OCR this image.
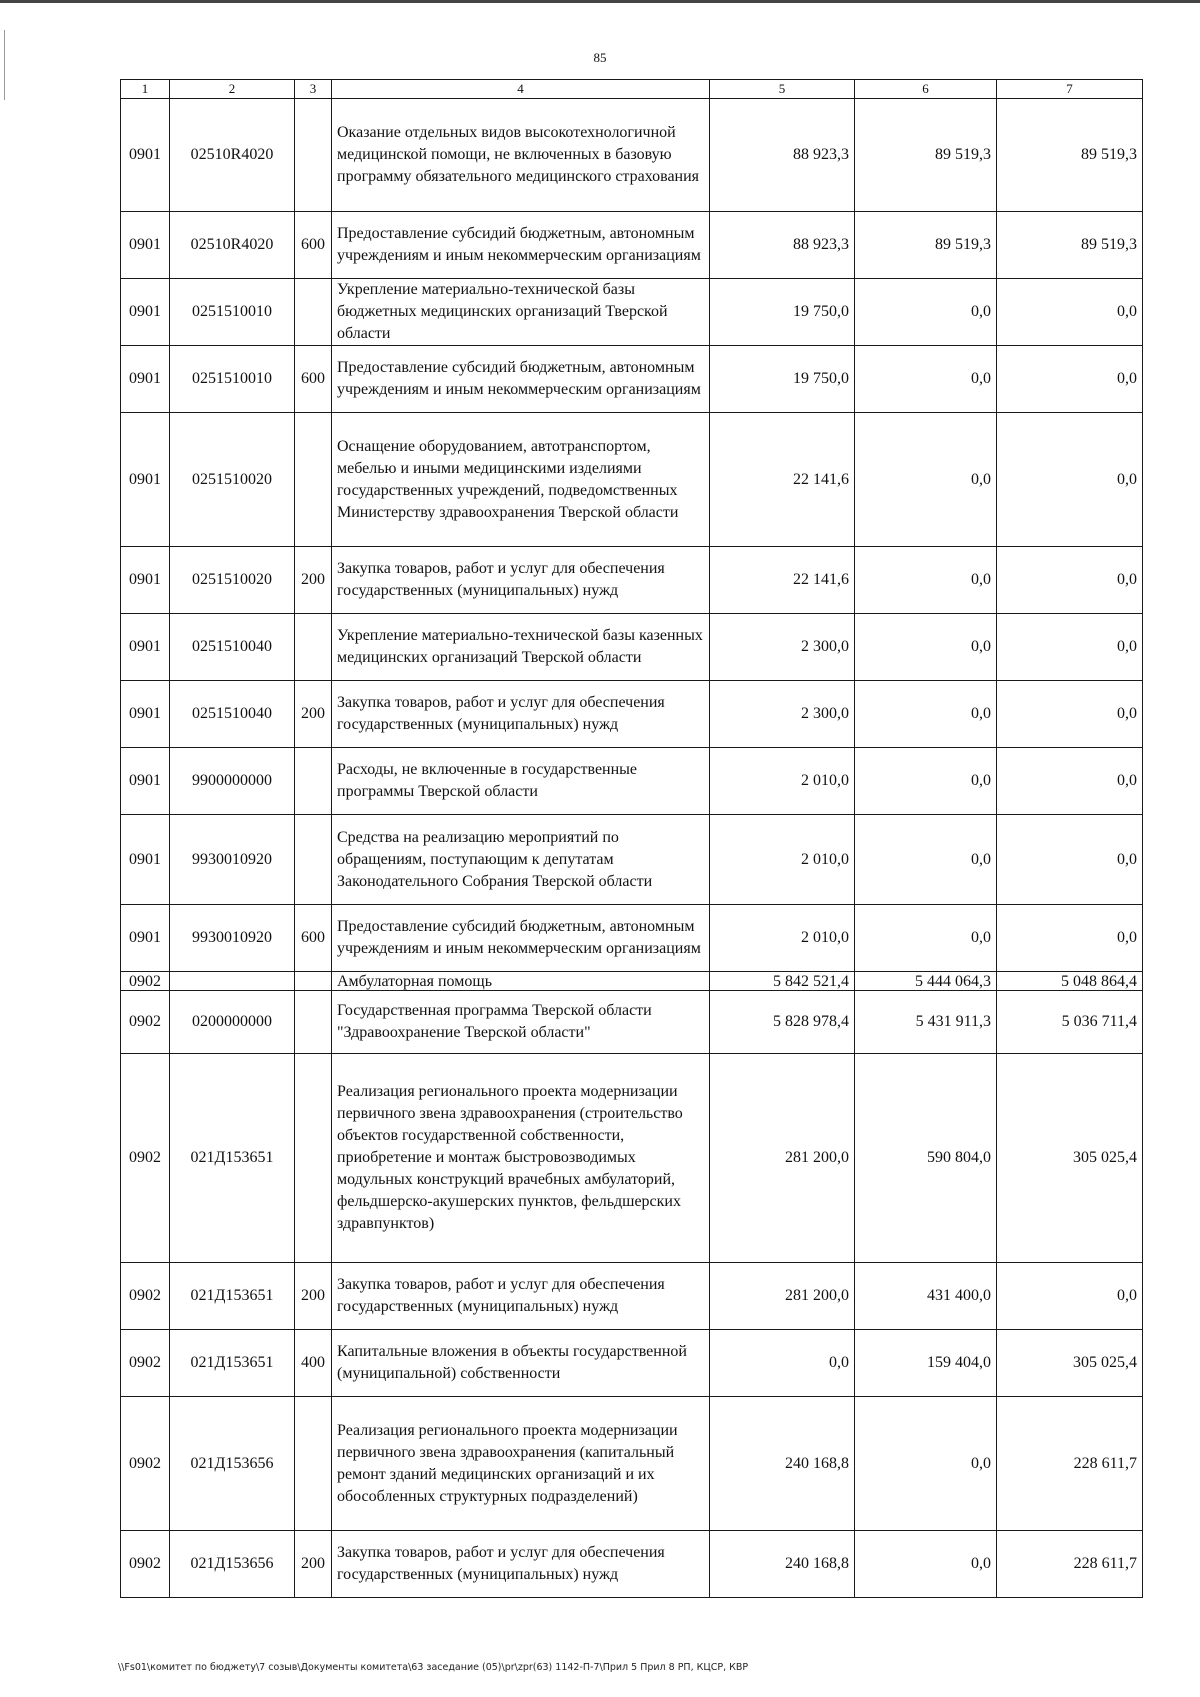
85
1	2	3	4	5	6	7
0901	02510R4020		Оказание отдельных видов высокотехнологичной медицинской помощи, не включенных в базовую программу обязательного медицинского страхования	88 923,3	89 519,3	89 519,3
0901	02510R4020	600	Предоставление субсидий бюджетным, автономным учреждениям и иным некоммерческим организациям	88 923,3	89 519,3	89 519,3
0901	0251510010		Укрепление материально-технической базы бюджетных медицинских организаций Тверской области	19 750,0	0,0	0,0
0901	0251510010	600	Предоставление субсидий бюджетным, автономным учреждениям и иным некоммерческим организациям	19 750,0	0,0	0,0
0901	0251510020		Оснащение оборудованием, автотранспортом, мебелью и иными медицинскими изделиями государственных учреждений, подведомственных Министерству здравоохранения Тверской области	22 141,6	0,0	0,0
0901	0251510020	200	Закупка товаров, работ и услуг для обеспечения государственных (муниципальных) нужд	22 141,6	0,0	0,0
0901	0251510040		Укрепление материально-технической базы казенных медицинских организаций Тверской области	2 300,0	0,0	0,0
0901	0251510040	200	Закупка товаров, работ и услуг для обеспечения государственных (муниципальных) нужд	2 300,0	0,0	0,0
0901	9900000000		Расходы, не включенные в государственные программы Тверской области	2 010,0	0,0	0,0
0901	9930010920		Средства на реализацию мероприятий по обращениям, поступающим к депутатам Законодательного Собрания Тверской области	2 010,0	0,0	0,0
0901	9930010920	600	Предоставление субсидий бюджетным, автономным учреждениям и иным некоммерческим организациям	2 010,0	0,0	0,0
0902			Амбулаторная помощь	5 842 521,4	5 444 064,3	5 048 864,4
0902	0200000000		Государственная программа Тверской области "Здравоохранение Тверской области"	5 828 978,4	5 431 911,3	5 036 711,4
0902	021Д153651		Реализация регионального проекта модернизации первичного звена здравоохранения (строительство объектов государственной собственности, приобретение и монтаж быстровозводимых модульных конструкций врачебных амбулаторий, фельдшерско-акушерских пунктов, фельдшерских здравпунктов)	281 200,0	590 804,0	305 025,4
0902	021Д153651	200	Закупка товаров, работ и услуг для обеспечения государственных (муниципальных) нужд	281 200,0	431 400,0	0,0
0902	021Д153651	400	Капитальные вложения в объекты государственной (муниципальной) собственности	0,0	159 404,0	305 025,4
0902	021Д153656		Реализация регионального проекта модернизации первичного звена здравоохранения (капитальный ремонт зданий медицинских организаций и их обособленных структурных подразделений)	240 168,8	0,0	228 611,7
0902	021Д153656	200	Закупка товаров, работ и услуг для обеспечения государственных (муниципальных) нужд	240 168,8	0,0	228 611,7
\\Fs01\комитет по бюджету\7 созыв\Документы комитета\63 заседание (05)\pr\zpr(63) 1142-П-7\Прил 5 Прил 8 РП, КЦСР, КВР
